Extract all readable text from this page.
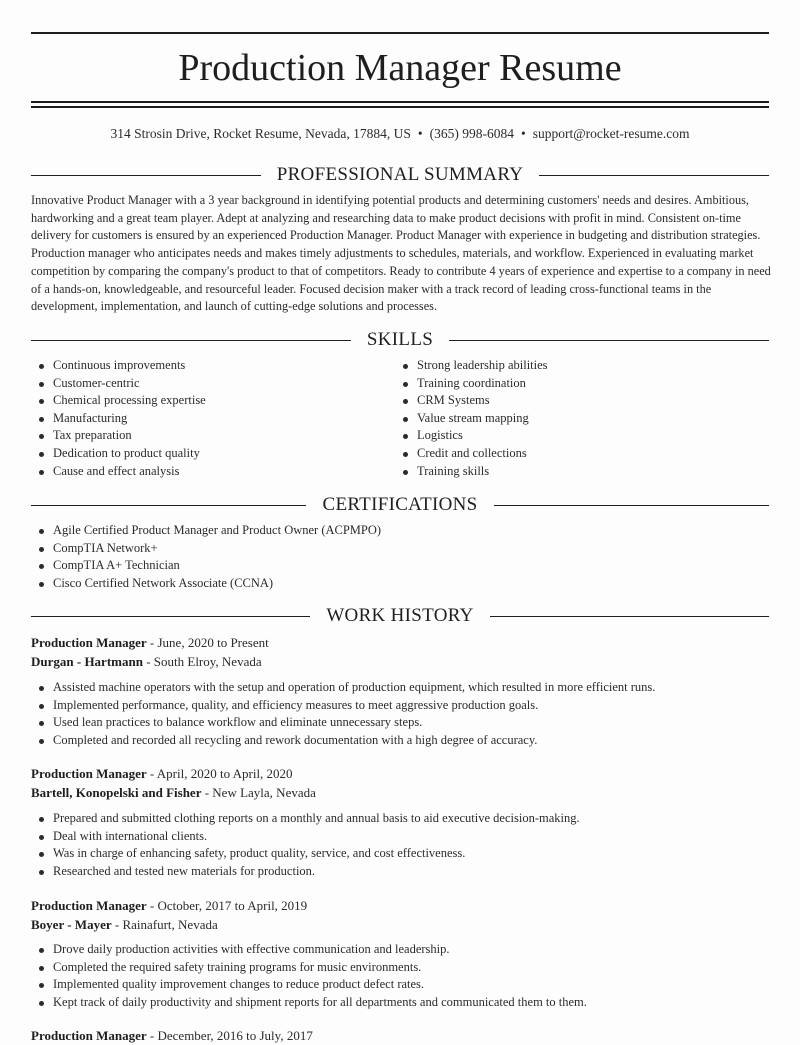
Production Manager Resume
314 Strosin Drive, Rocket Resume, Nevada, 17884, US • (365) 998-6084 • support@rocket-resume.com
PROFESSIONAL SUMMARY

Innovative Product Manager with a 3 year background in identifying potential products and determining customers' needs and desires. Ambitious, hardworking and a great team player. Adept at analyzing and researching data to make product decisions with profit in mind. Consistent on-time delivery for customers is ensured by an experienced Production Manager. Product Manager with experience in budgeting and distribution strategies. Production manager who anticipates needs and makes timely adjustments to schedules, materials, and workflow. Experienced in evaluating market competition by comparing the company's product to that of competitors. Ready to contribute 4 years of experience and expertise to a company in need of a hands-on, knowledgeable, and resourceful leader. Focused decision maker with a track record of leading cross-functional teams in the development, implementation, and launch of cutting-edge solutions and processes.

SKILLS
Continuous improvements
Customer-centric
Chemical processing expertise
Manufacturing
Tax preparation
Dedication to product quality
Cause and effect analysis
Strong leadership abilities
Training coordination
CRM Systems
Value stream mapping
Logistics
Credit and collections
Training skills
CERTIFICATIONS
Agile Certified Product Manager and Product Owner (ACPMPO)
CompTIA Network+
CompTIA A+ Technician
Cisco Certified Network Associate (CCNA)
WORK HISTORY
Production Manager - June, 2020 to Present
Durgan - Hartmann - South Elroy, Nevada
Assisted machine operators with the setup and operation of production equipment, which resulted in more efficient runs.
Implemented performance, quality, and efficiency measures to meet aggressive production goals.
Used lean practices to balance workflow and eliminate unnecessary steps.
Completed and recorded all recycling and rework documentation with a high degree of accuracy.
Production Manager - April, 2020 to April, 2020
Bartell, Konopelski and Fisher - New Layla, Nevada
Prepared and submitted clothing reports on a monthly and annual basis to aid executive decision-making.
Deal with international clients.
Was in charge of enhancing safety, product quality, service, and cost effectiveness.
Researched and tested new materials for production.
Production Manager - October, 2017 to April, 2019
Boyer - Mayer - Rainafurt, Nevada
Drove daily production activities with effective communication and leadership.
Completed the required safety training programs for music environments.
Implemented quality improvement changes to reduce product defect rates.
Kept track of daily productivity and shipment reports for all departments and communicated them to them.
Production Manager - December, 2016 to July, 2017
